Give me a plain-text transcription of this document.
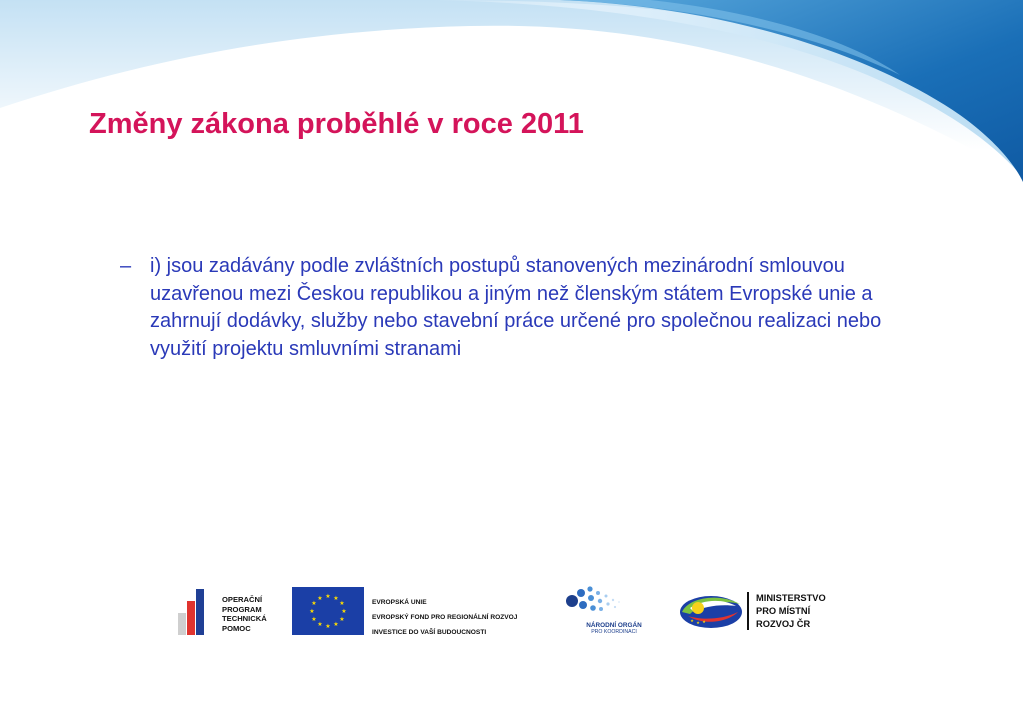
Změny zákona proběhlé v roce 2011
– i) jsou zadávány podle zvláštních postupů stanovených mezinárodní smlouvou uzavřenou mezi Českou republikou a jiným než členským státem Evropské unie a zahrnují dodávky, služby nebo stavební práce určené pro společnou realizaci nebo využití projektu smluvními stranami
OPERAČNÍ
PROGRAM
TECHNICKÁ
POMOC
★ ★
★
★
★
★
★
★
★
★
★
★
EVROPSKÁ UNIE
EVROPSKÝ FOND PRO REGIONÁLNÍ ROZVOJ
INVESTICE DO VAŠÍ BUDOUCNOSTI
NÁRODNÍ ORGÁN
PRO KOORDINACI
★ ★ ★
MINISTERSTVO
PRO MÍSTNÍ
ROZVOJ ČR
